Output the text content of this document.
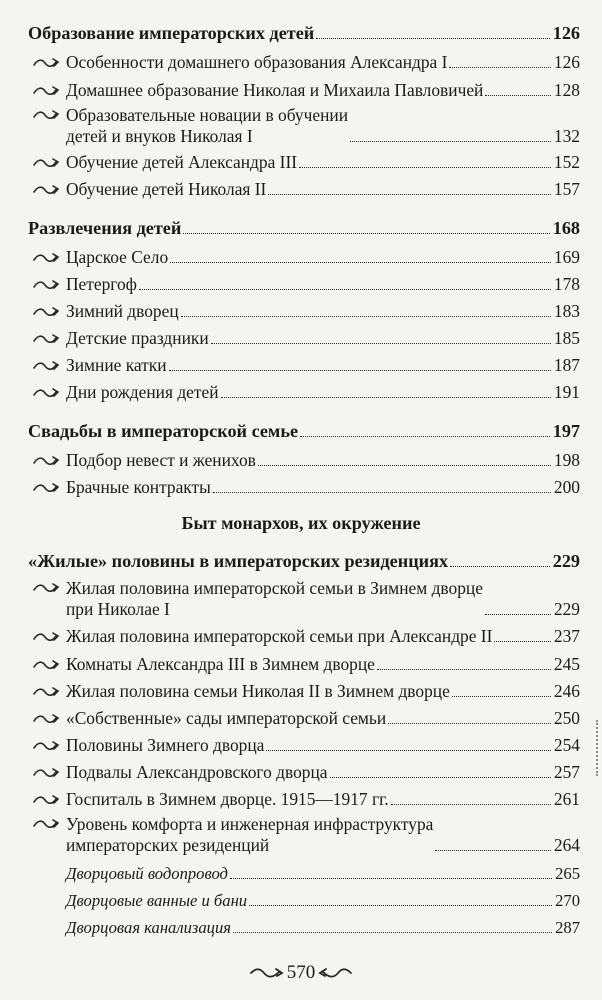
Образование императорских детей	126
Особенности домашнего образования Александра I	126
Домашнее образование Николая и Михаила Павловичей	128
Образовательные новации в обучении
детей и внуков Николая I	132
Обучение детей Александра III	152
Обучение детей Николая II	157
Развлечения детей	168
Царское Село	169
Петергоф	178
Зимний дворец	183
Детские праздники	185
Зимние катки	187
Дни рождения детей	191
Свадьбы в императорской семье	197
Подбор невест и женихов	198
Брачные контракты	200
Быт монархов, их окружение
«Жилые» половины в императорских резиденциях	229
Жилая половина императорской семьи в Зимнем дворце
при Николае I	229
Жилая половина императорской семьи при Александре II	237
Комнаты Александра III в Зимнем дворце	245
Жилая половина семьи Николая II в Зимнем дворце	246
«Собственные» сады императорской семьи	250
Половины Зимнего дворца	254
Подвалы Александровского дворца	257
Госпиталь в Зимнем дворце. 1915—1917 гг.	261
Уровень комфорта и инженерная инфраструктура
императорских резиденций	264
Дворцовый водопровод	265
Дворцовые ванные и бани	270
Дворцовая канализация	287
570
